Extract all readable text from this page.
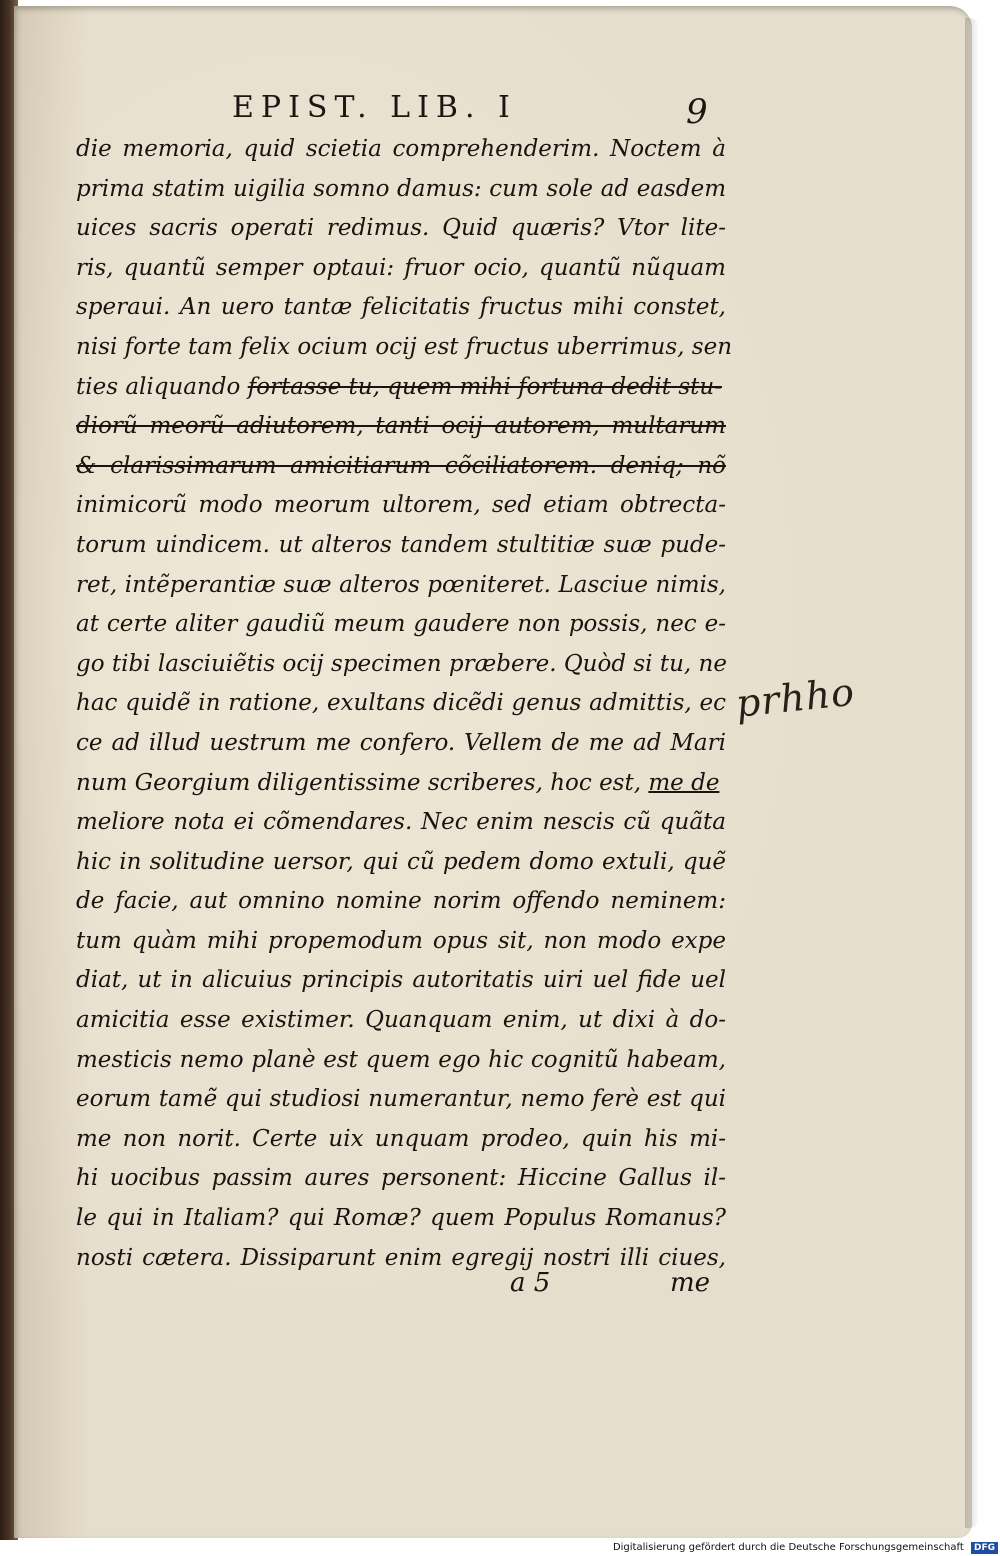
EPIST. LIB. I	9
die memoria, quid scietia comprehenderim. Noctem à
prima statim uigilia somno damus: cum sole ad easdem
uices sacris operati redimus. Quid quæris? Vtor lite-
ris, quantũ semper optaui: fruor ocio, quantũ nũquam
speraui. An uero tantæ felicitatis fructus mihi constet,
nisi forte tam felix ocium ocij est fructus uberrimus, sen
ties aliquando fortasse tu, quem mihi fortuna dedit stu-
diorũ meorũ adiutorem, tanti ocij autorem, multarum
& clarissimarum amicitiarum cõciliatorem. deniq; nõ
inimicorũ modo meorum ultorem, sed etiam obtrecta-
torum uindicem. ut alteros tandem stultitiæ suæ pude-
ret, intẽperantiæ suæ alteros pœniteret. Lasciue nimis,
at certe aliter gaudiũ meum gaudere non possis, nec e-
go tibi lasciuiẽtis ocij specimen præbere. Quòd si tu, ne
hac quidẽ in ratione, exultans dicẽdi genus admittis, ec
ce ad illud uestrum me confero. Vellem de me ad Mari
num Georgium diligentissime scriberes, hoc est, me de
meliore nota ei cõmendares. Nec enim nescis cũ quãta
hic in solitudine uersor, qui cũ pedem domo extuli, quẽ
de facie, aut omnino nomine norim offendo neminem:
tum quàm mihi propemodum opus sit, non modo expe
diat, ut in alicuius principis autoritatis uiri uel fide uel
amicitia esse existimer. Quanquam enim, ut dixi à do-
mesticis nemo planè est quem ego hic cognitũ habeam,
eorum tamẽ qui studiosi numerantur, nemo ferè est qui
me non norit. Certe uix unquam prodeo, quin his mi-
hi uocibus passim aures personent: Hiccine Gallus il-
le qui in Italiam? qui Romæ? quem Populus Romanus?
nosti cætera. Dissiparunt enim egregij nostri illi ciues,
prhho
a 5	me
Digitalisierung gefördert durch die Deutsche Forschungsgemeinschaft DFG
